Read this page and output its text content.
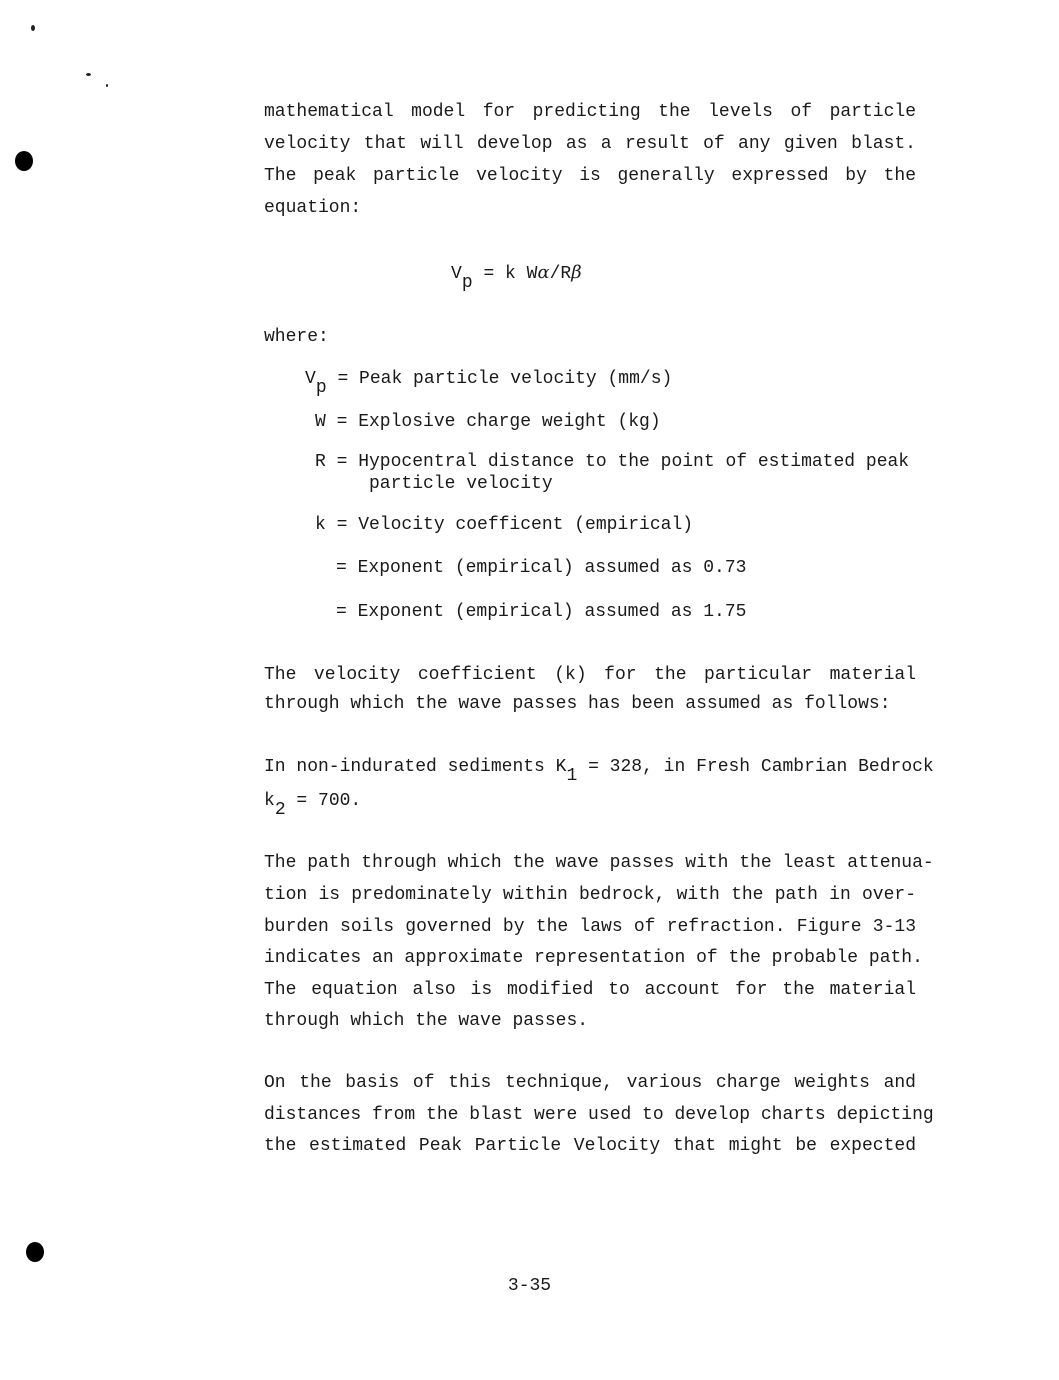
mathematical model for predicting the levels of particle
velocity that will develop as a result of any given blast.
The peak particle velocity is generally expressed by the
equation:
Vp = k Wα/Rβ
where:
Vp = Peak particle velocity (mm/s)
W = Explosive charge weight (kg)
R = Hypocentral distance to the point of estimated peak
particle velocity
k = Velocity coefficent (empirical)
= Exponent (empirical) assumed as 0.73
= Exponent (empirical) assumed as 1.75
The velocity coefficient (k) for the particular material
through which the wave passes has been assumed as follows:
In non-indurated sediments K1 = 328, in Fresh Cambrian Bedrock
k2 = 700.
The path through which the wave passes with the least attenua-
tion is predominately within bedrock, with the path in over-
burden soils governed by the laws of refraction. Figure 3-13
indicates an approximate representation of the probable path.
The equation also is modified to account for the material
through which the wave passes.
On the basis of this technique, various charge weights and
distances from the blast were used to develop charts depicting
the estimated Peak Particle Velocity that might be expected
3-35
